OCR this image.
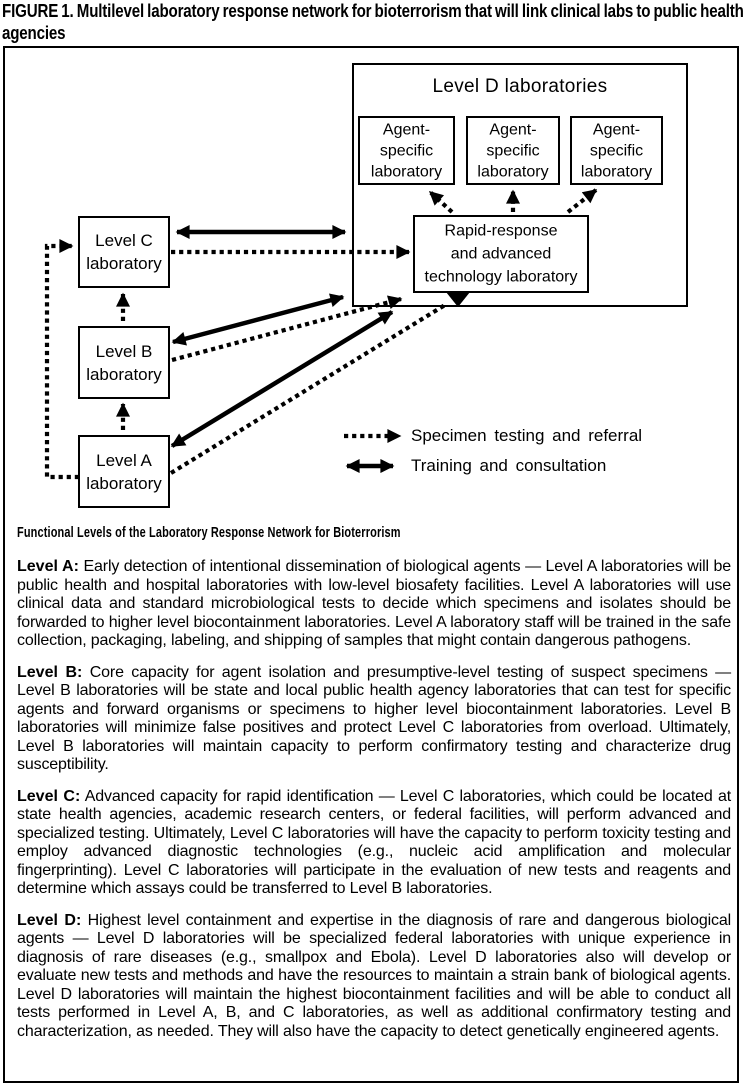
FIGURE 1. Multilevel laboratory response network for bioterrorism that will link clinical labs to public health agencies
Level D laboratories
Agent-
specific
laboratory
Agent-
specific
laboratory
Agent-
specific
laboratory
Rapid-response
and advanced
technology laboratory
Level C
laboratory
Level B
laboratory
Level A
laboratory
Specimen testing and referral
Training and consultation
Functional Levels of the Laboratory Response Network for Bioterrorism

Level A: Early detection of intentional dissemination of biological agents — Level A laboratories will be public health and hospital laboratories with low-level biosafety facilities. Level A laboratories will use clinical data and standard microbiological tests to decide which specimens and isolates should be forwarded to higher level biocontainment laboratories. Level A laboratory staff will be trained in the safe collection, packaging, labeling, and shipping of samples that might contain dangerous pathogens.

Level B: Core capacity for agent isolation and presumptive-level testing of suspect specimens — Level B laboratories will be state and local public health agency laboratories that can test for specific agents and forward organisms or specimens to higher level biocontainment laboratories. Level B laboratories will minimize false positives and protect Level C laboratories from overload. Ultimately, Level B laboratories will maintain capacity to perform confirmatory testing and characterize drug susceptibility.

Level C: Advanced capacity for rapid identification — Level C laboratories, which could be located at state health agencies, academic research centers, or federal facilities, will perform advanced and specialized testing. Ultimately, Level C laboratories will have the capacity to perform toxicity testing and employ advanced diagnostic technologies (e.g., nucleic acid amplification and molecular fingerprinting). Level C laboratories will participate in the evaluation of new tests and reagents and determine which assays could be transferred to Level B laboratories.

Level D: Highest level containment and expertise in the diagnosis of rare and dangerous biological agents — Level D laboratories will be specialized federal laboratories with unique experience in diagnosis of rare diseases (e.g., smallpox and Ebola). Level D laboratories also will develop or evaluate new tests and methods and have the resources to maintain a strain bank of biological agents. Level D laboratories will maintain the highest biocontainment facilities and will be able to conduct all tests performed in Level A, B, and C laboratories, as well as additional confirmatory testing and characterization, as needed. They will also have the capacity to detect genetically engineered agents.
